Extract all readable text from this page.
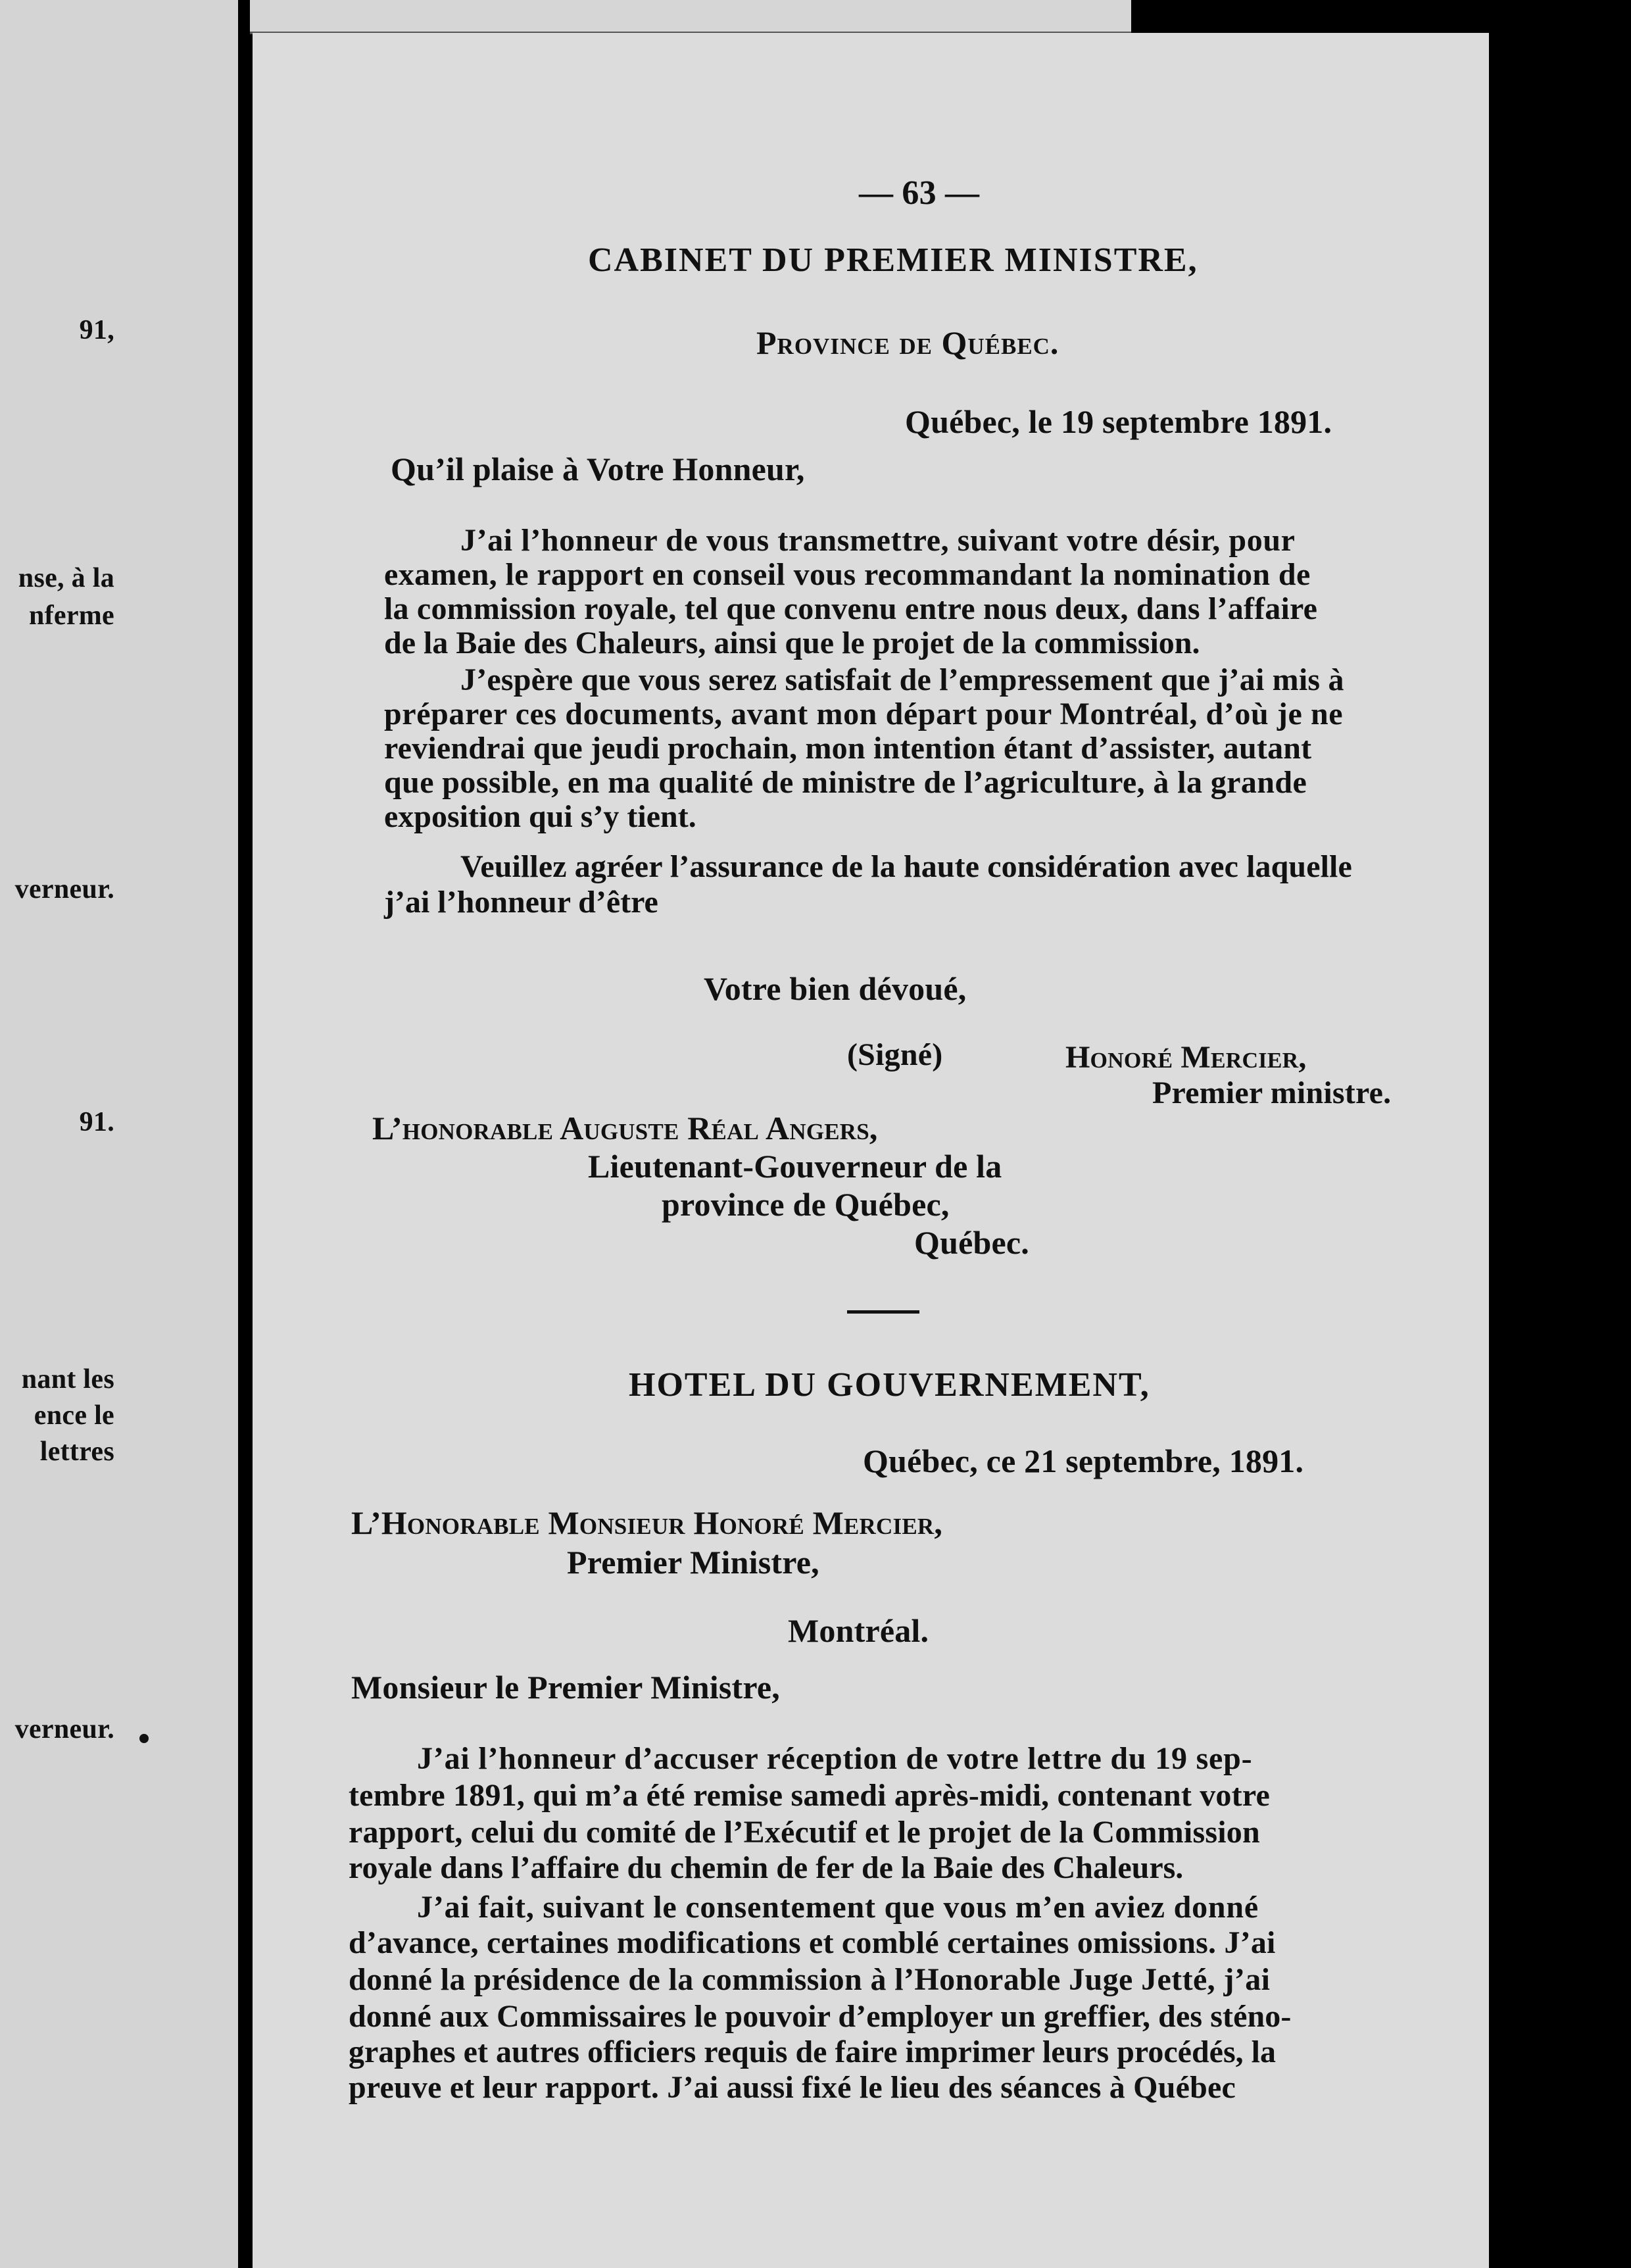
91,
nse, à la
nferme
verneur.
91.
nant les
ence le
lettres
verneur.
— 63 —
CABINET DU PREMIER MINISTRE,
Province de Québec.
Québec, le 19 septembre 1891.
Qu’il plaise à Votre Honneur,
J’ai l’honneur de vous transmettre, suivant votre désir, pour
examen, le rapport en conseil vous recommandant la nomination de
la commission royale, tel que convenu entre nous deux, dans l’affaire
de la Baie des Chaleurs, ainsi que le projet de la commission.
J’espère que vous serez satisfait de l’empressement que j’ai mis à
préparer ces documents, avant mon départ pour Montréal, d’où je ne
reviendrai que jeudi prochain, mon intention étant d’assister, autant
que possible, en ma qualité de ministre de l’agriculture, à la grande
exposition qui s’y tient.
Veuillez agréer l’assurance de la haute considération avec laquelle
j’ai l’honneur d’être
Votre bien dévoué,
(Signé)	Honoré Mercier,
Premier ministre.
L’honorable Auguste Réal Angers,
Lieutenant-Gouverneur de la
province de Québec,
Québec.
HOTEL DU GOUVERNEMENT,
Québec, ce 21 septembre, 1891.
L’Honorable Monsieur Honoré Mercier,
Premier Ministre,
Montréal.
Monsieur le Premier Ministre,
J’ai l’honneur d’accuser réception de votre lettre du 19 sep-
tembre 1891, qui m’a été remise samedi après-midi, contenant votre
rapport, celui du comité de l’Exécutif et le projet de la Commission
royale dans l’affaire du chemin de fer de la Baie des Chaleurs.
J’ai fait, suivant le consentement que vous m’en aviez donné
d’avance, certaines modifications et comblé certaines omissions. J’ai
donné la présidence de la commission à l’Honorable Juge Jetté, j’ai
donné aux Commissaires le pouvoir d’employer un greffier, des sténo-
graphes et autres officiers requis de faire imprimer leurs procédés, la
preuve et leur rapport. J’ai aussi fixé le lieu des séances à Québec
